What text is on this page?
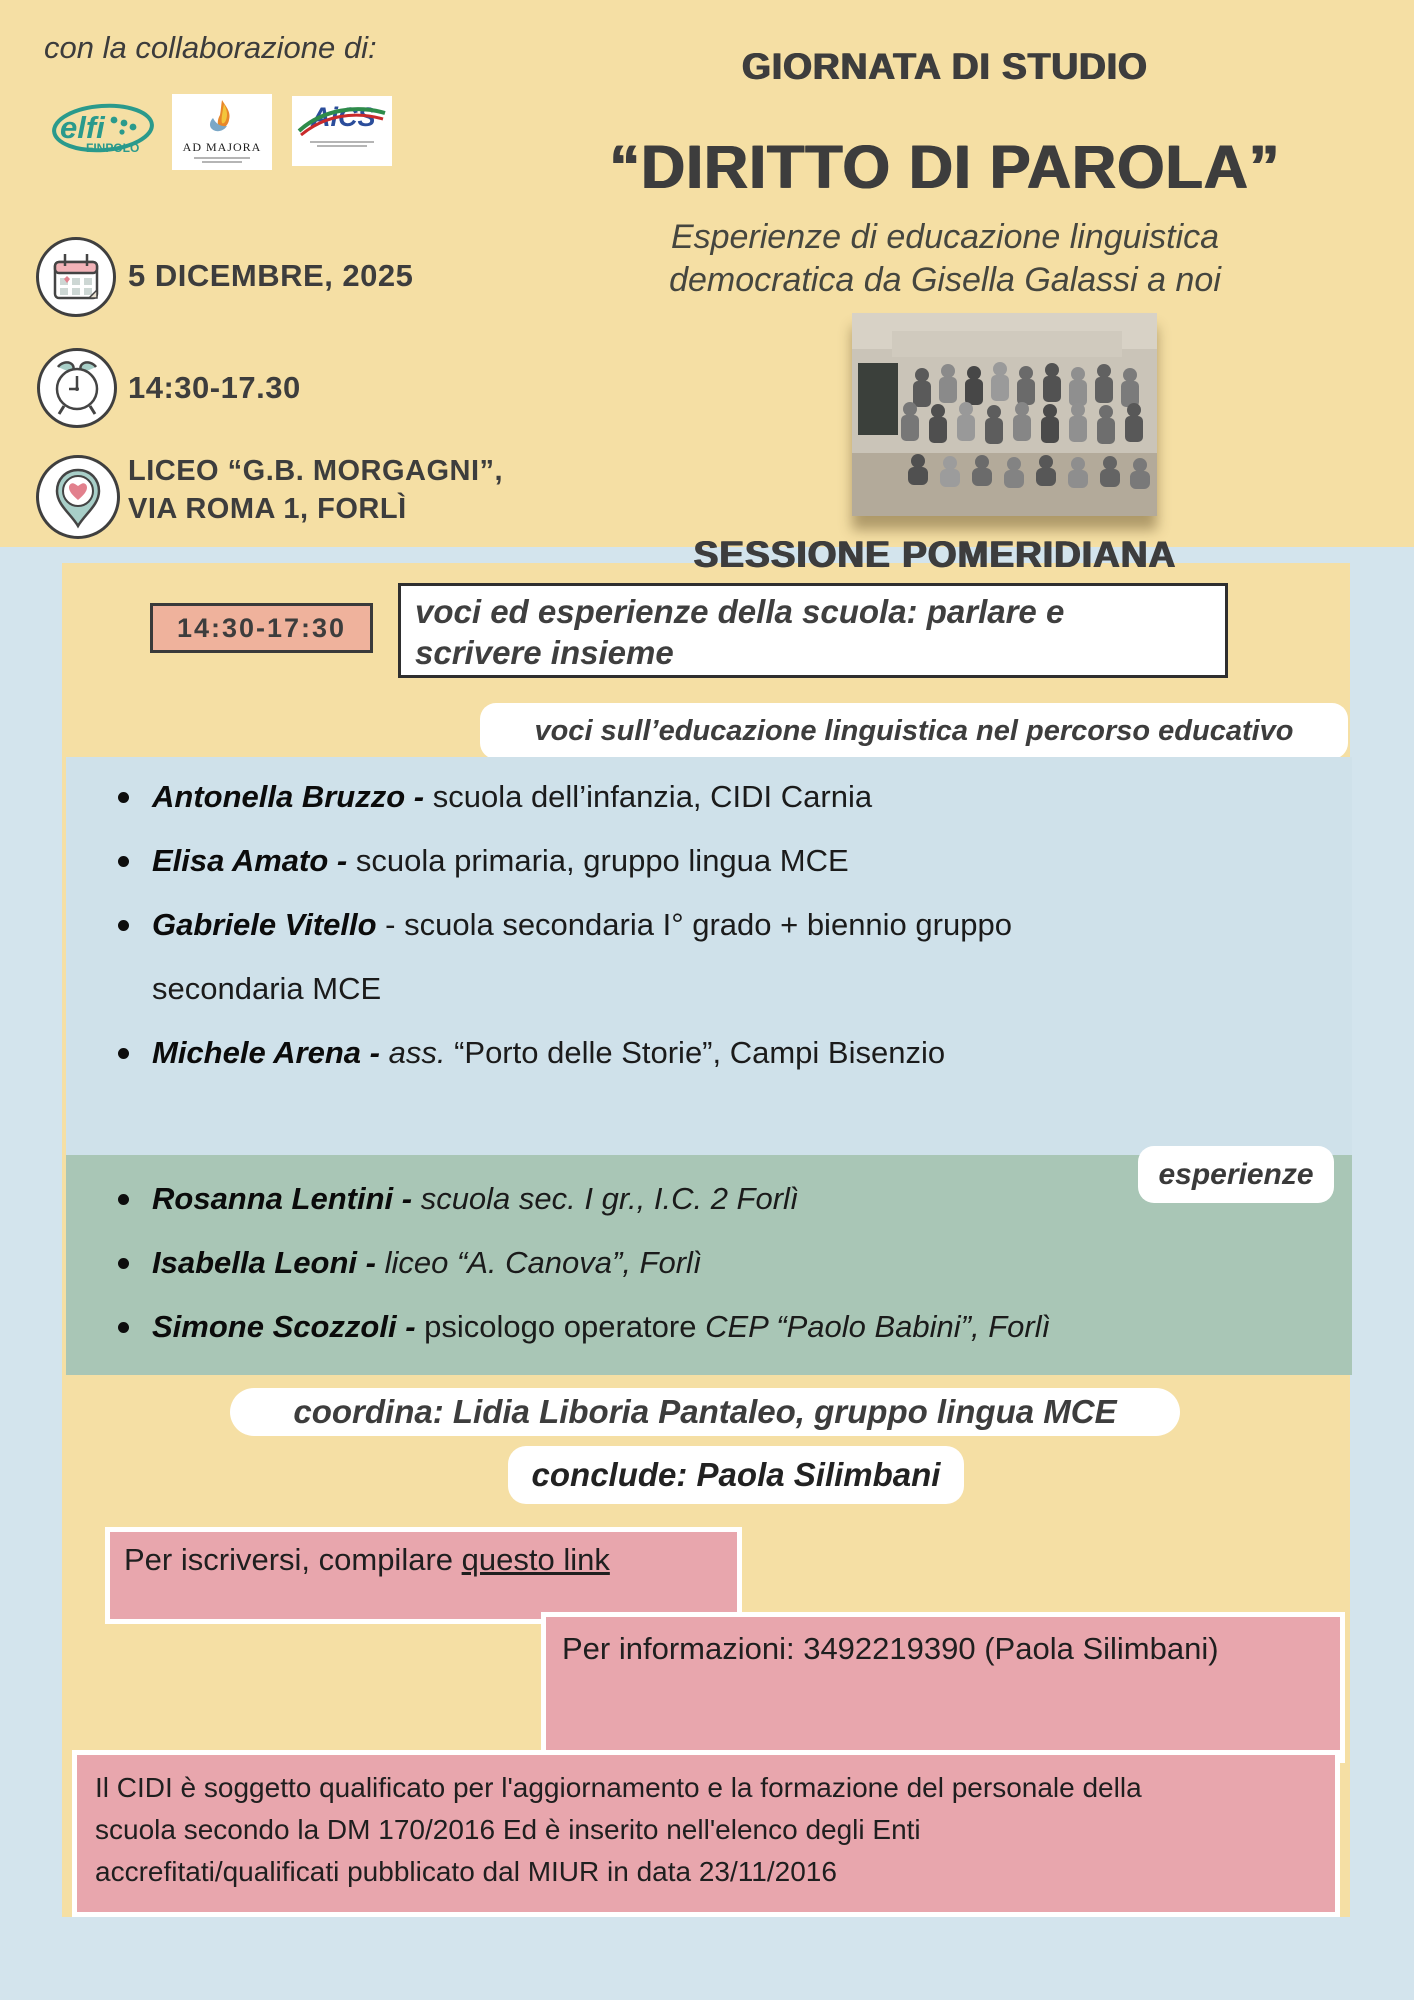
con la collaborazione di:
elfi
FINPOLO	AD MAJORA
AiCS
GIORNATA DI STUDIO
“DIRITTO DI PAROLA”
Esperienze di educazione linguistica
democratica da Gisella Galassi a noi
5 DICEMBRE, 2025
14:30-17.30
LICEO “G.B. MORGAGNI”,
VIA ROMA 1, FORLÌ
SESSIONE POMERIDIANA
14:30-17:30	voci ed esperienze della scuola: parlare e scrivere insieme
voci sull’educazione linguistica nel percorso educativo
Antonella Bruzzo - scuola dell’infanzia, CIDI Carnia
Elisa Amato - scuola primaria, gruppo lingua MCE
Gabriele Vitello - scuola secondaria I° grado + biennio gruppo secondaria MCE
Michele Arena - ass. “Porto delle Storie”, Campi Bisenzio
Rosanna Lentini - scuola sec. I gr., I.C. 2 Forlì
Isabella Leoni - liceo “A. Canova”, Forlì
Simone Scozzoli - psicologo operatore CEP “Paolo Babini”, Forlì
esperienze
coordina: Lidia Liboria Pantaleo, gruppo lingua MCE
conclude: Paola Silimbani
Per iscriversi, compilare questo link
Per informazioni: 3492219390 (Paola Silimbani)
Il CIDI è soggetto qualificato per l'aggiornamento e la formazione del personale della
scuola secondo la DM 170/2016 Ed è inserito nell'elenco degli Enti
accrefitati/qualificati pubblicato dal MIUR in data 23/11/2016
